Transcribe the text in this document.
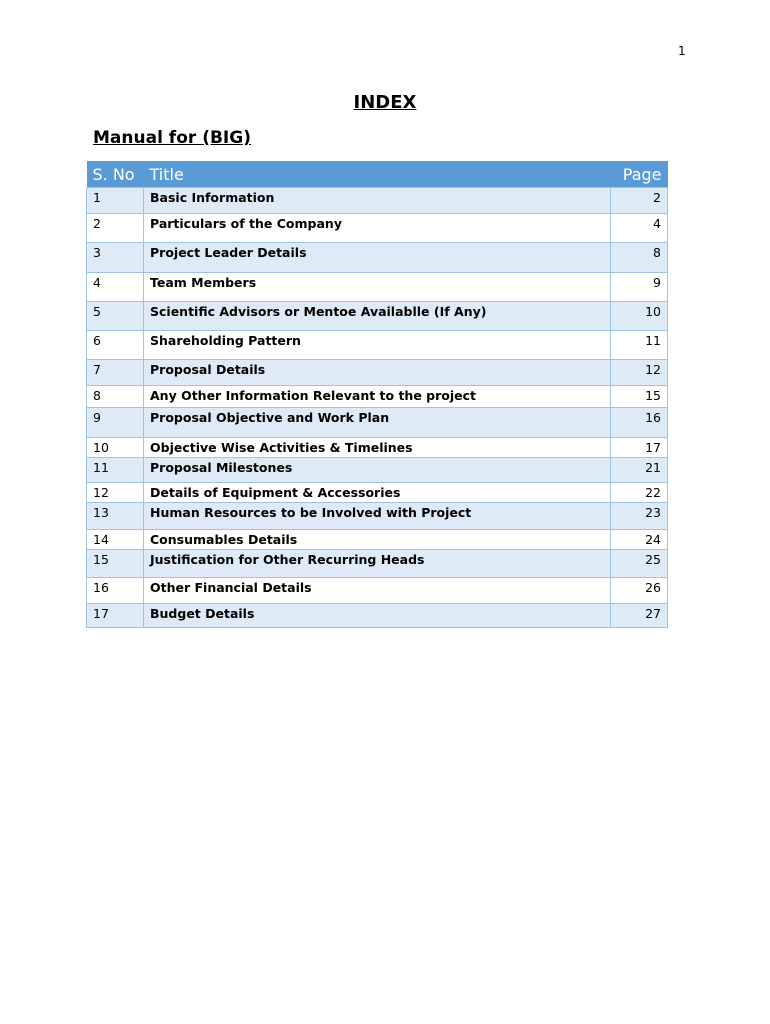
1
INDEX
Manual for (BIG)
S. No	Title	Page

1	Basic Information	2

2	Particulars of the Company	4

3	Project Leader Details	8

4	Team Members	9

5	Scientific Advisors or Mentoe Availablle (If Any)	10

6	Shareholding Pattern	11

7	Proposal Details	12

8	Any Other Information Relevant to the project	15

9	Proposal Objective and Work Plan	16

10	Objective Wise Activities & Timelines	17

11	Proposal Milestones	21

12	Details of Equipment & Accessories	22

13	Human Resources to be Involved with Project	23

14	Consumables Details	24

15	Justification for Other Recurring Heads	25

16	Other Financial Details	26

17	Budget Details	27
